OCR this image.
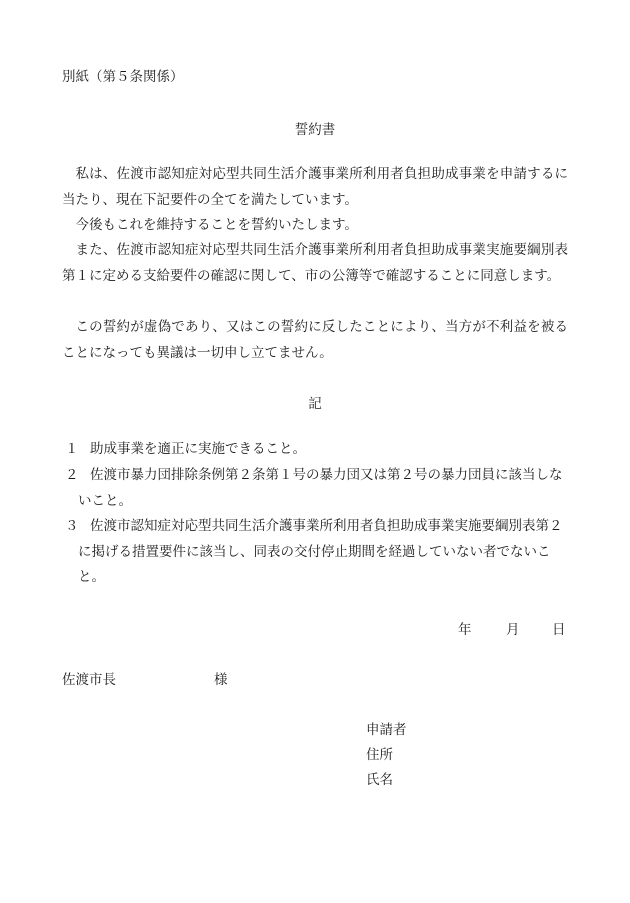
別紙（第５条関係）
誓約書

私は、佐渡市認知症対応型共同生活介護事業所利用者負担助成事業を申請するに当たり、現在下記要件の全てを満たしています。

今後もこれを維持することを誓約いたします。

また、佐渡市認知症対応型共同生活介護事業所利用者負担助成事業実施要綱別表第１に定める支給要件の確認に関して、市の公簿等で確認することに同意します。

この誓約が虚偽であり、又はこの誓約に反したことにより、当方が不利益を被ることになっても異議は一切申し立てません。

記
１ 助成事業を適正に実施できること。

２ 佐渡市暴力団排除条例第２条第１号の暴力団又は第２号の暴力団員に該当しないこと。

３ 佐渡市認知症対応型共同生活介護事業所利用者負担助成事業実施要綱別表第２に掲げる措置要件に該当し、同表の交付停止期間を経過していない者でないこと。

年	月 日
佐渡市長	様
申請者
住所
氏名
